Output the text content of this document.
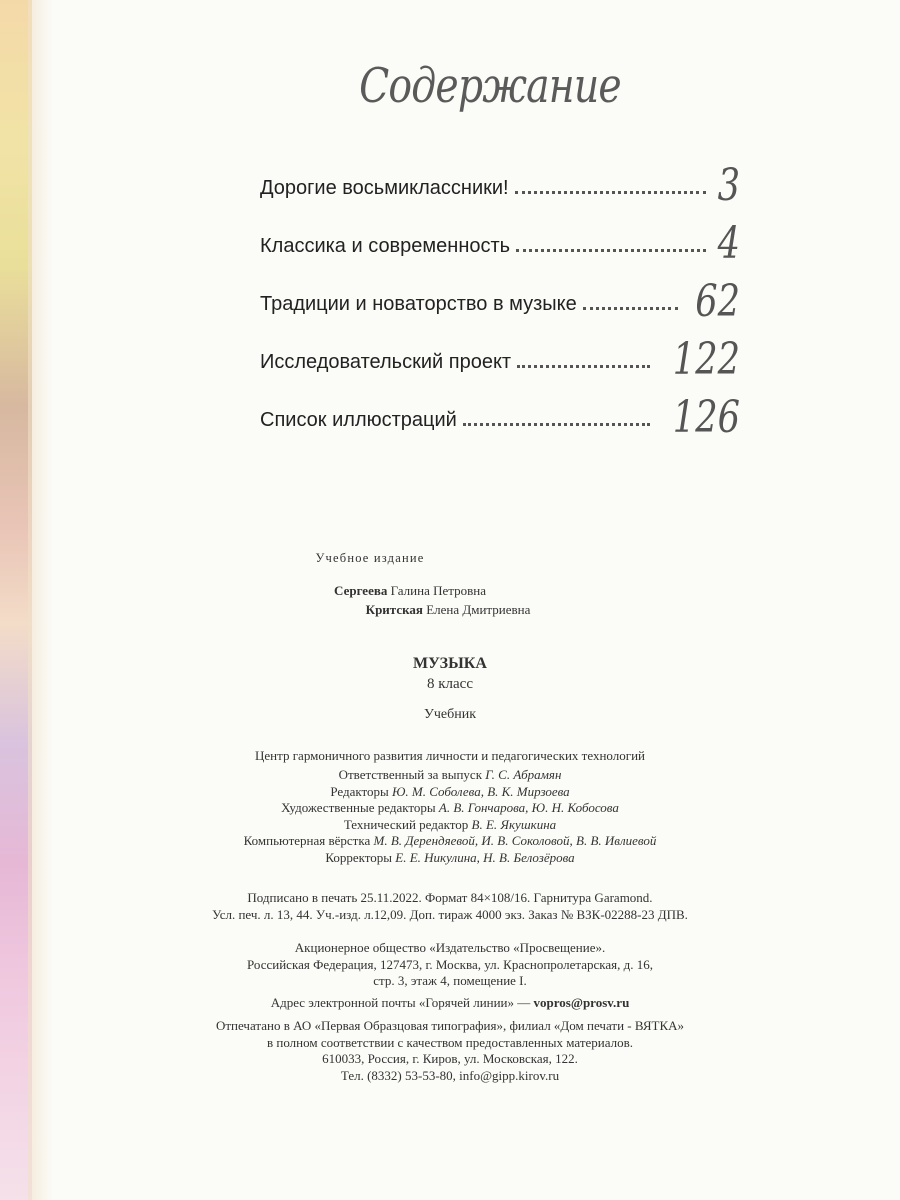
Содержание
Дорогие восьмиклассники!	3
Классика и современность	4
Традиции и новаторство в музыке	62
Исследовательский проект	122
Список иллюстраций	126
Учебное издание
Сергеева Галина Петровна
Критская Елена Дмитриевна
МУЗЫКА
8 класс
Учебник
Центр гармоничного развития личности и педагогических технологий
Ответственный за выпуск Г. С. Абрамян
Редакторы Ю. М. Соболева, В. К. Мирзоева
Художественные редакторы А. В. Гончарова, Ю. Н. Кобосова
Технический редактор В. Е. Якушкина
Компьютерная вёрстка М. В. Дерендяевой, И. В. Соколовой, В. В. Ивлиевой
Корректоры Е. Е. Никулина, Н. В. Белозёрова
Подписано в печать 25.11.2022. Формат 84×108/16. Гарнитура Garamond.
Усл. печ. л. 13, 44. Уч.-изд. л.12,09. Доп. тираж 4000 экз. Заказ № ВЗК-02288-23 ДПВ.
Акционерное общество «Издательство «Просвещение».
Российская Федерация, 127473, г. Москва, ул. Краснопролетарская, д. 16,
стр. 3, этаж 4, помещение I.
Адрес электронной почты «Горячей линии» — vopros@prosv.ru
Отпечатано в АО «Первая Образцовая типография», филиал «Дом печати - ВЯТКА»
в полном соответствии с качеством предоставленных материалов.
610033, Россия, г. Киров, ул. Московская, 122.
Тел. (8332) 53-53-80, info@gipp.kirov.ru
